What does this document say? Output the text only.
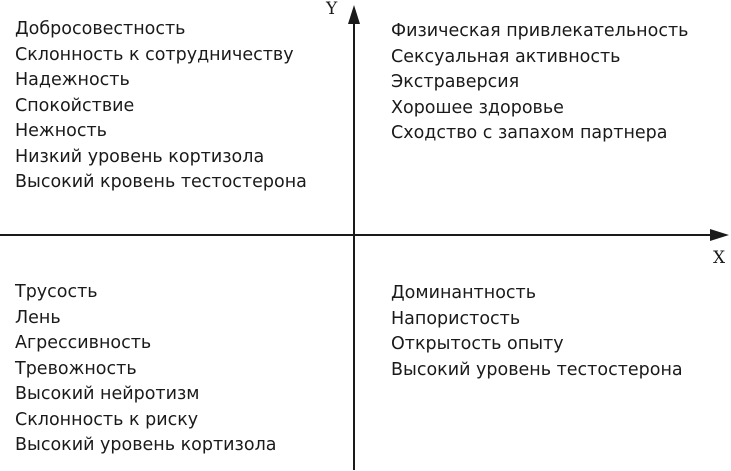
Y
X
Добросовестность
Склонность к сотрудничеству
Надежность
Спокойствие
Нежность
Низкий уровень кортизола
Высокий кровень тестостерона
Физическая привлекательность
Сексуальная активность
Экстраверсия
Хорошее здоровье
Сходство с запахом партнера
Трусость
Лень
Агрессивность
Тревожность
Высокий нейротизм
Склонность к риску
Высокий уровень кортизола
Доминантность
Напористость
Открытость опыту
Высокий уровень тестостерона
